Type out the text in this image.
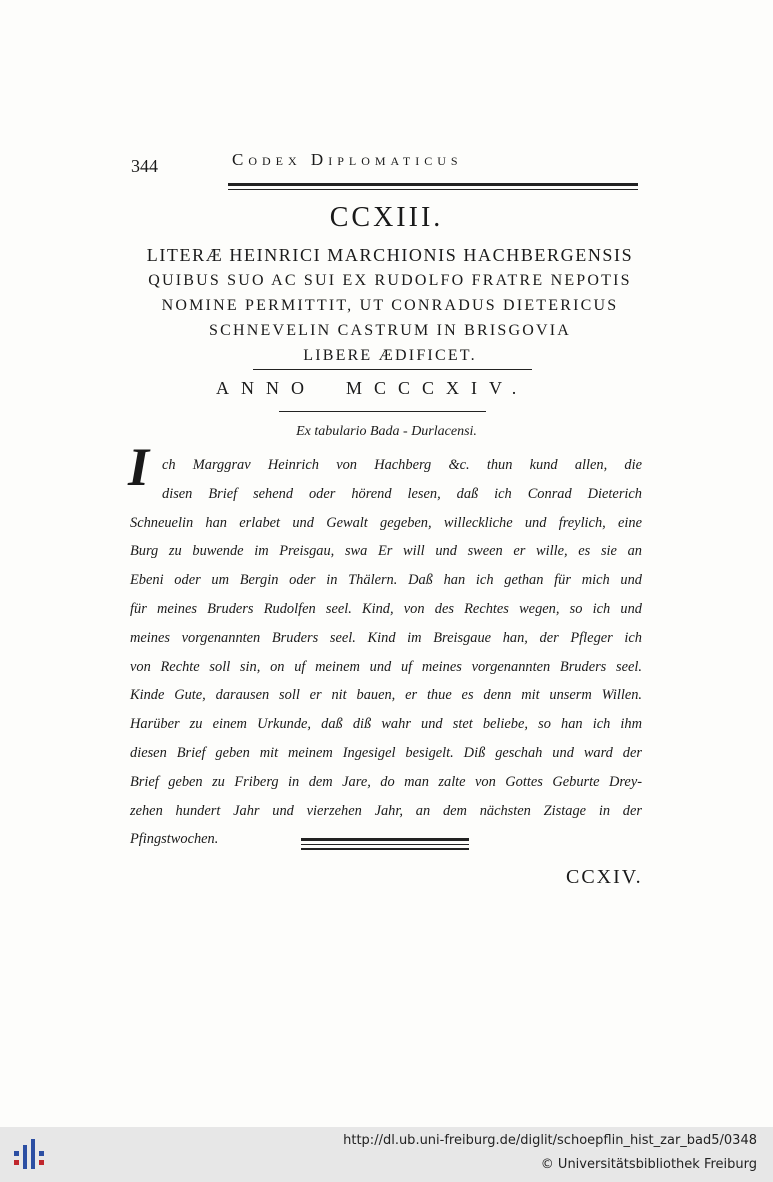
344	Codex Diplomaticus
CCXIII.
LITERÆ HEINRICI MARCHIONIS HACHBERGENSIS
QUIBUS SUO AC SUI EX RUDOLFO FRATRE NEPOTIS
NOMINE PERMITTIT, UT CONRADUS DIETERICUS
SCHNEVELIN CASTRUM IN BRISGOVIA
LIBERE ÆDIFICET.
ANNO MCCCXIV.
Ex tabulario Bada - Durlacensi.
I ch Marggrav Heinrich von Hachberg &c. thun kund allen, die
disen Brief sehend oder hörend lesen, daß ich Conrad Dieterich
Schneuelin han erlabet und Gewalt gegeben, willeckliche und freylich, eine
Burg zu buwende im Preisgau, swa Er will und sween er wille, es sie an
Ebeni oder um Bergin oder in Thälern. Daß han ich gethan für mich und
für meines Bruders Rudolfen seel. Kind, von des Rechtes wegen, so ich und
meines vorgenannten Bruders seel. Kind im Breisgaue han, der Pfleger ich
von Rechte soll sin, on uf meinem und uf meines vorgenannten Bruders seel.
Kinde Gute, darausen soll er nit bauen, er thue es denn mit unserm Willen.
Harüber zu einem Urkunde, daß diß wahr und stet beliebe, so han ich ihm
diesen Brief geben mit meinem Ingesigel besigelt. Diß geschah und ward der
Brief geben zu Friberg in dem Jare, do man zalte von Gottes Geburte Drey-
zehen hundert Jahr und vierzehen Jahr, an dem nächsten Zistage in der
Pfingstwochen.
CCXIV.
http://dl.ub.uni-freiburg.de/diglit/schoepflin_hist_zar_bad5/0348
© Universitätsbibliothek Freiburg
